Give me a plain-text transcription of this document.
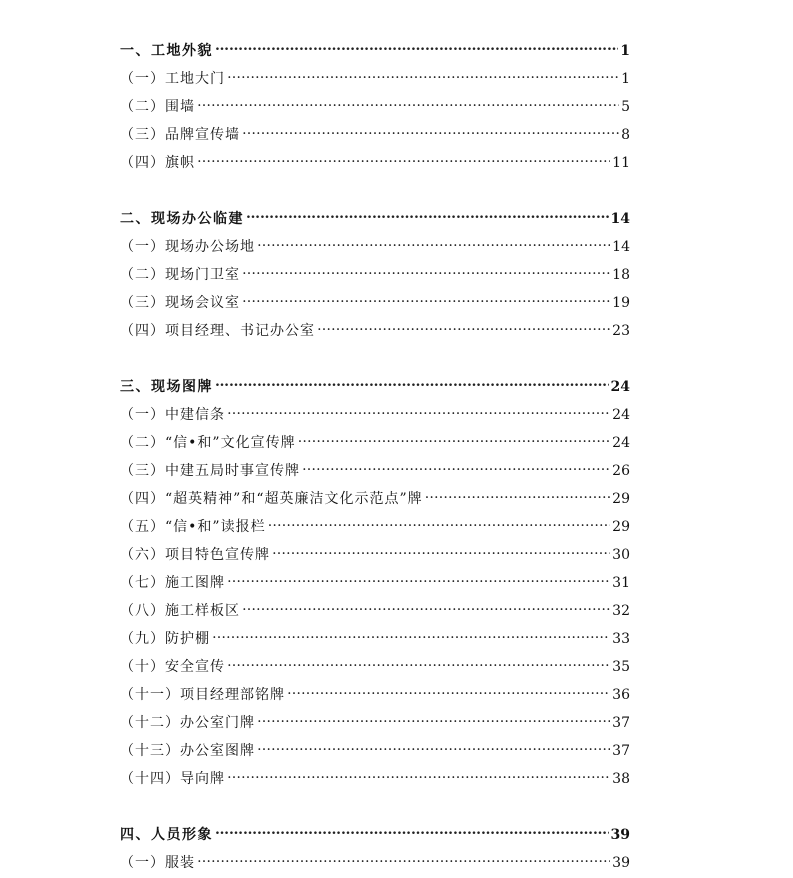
一、工地外貌 …………………………………………………………………………………………………………………………………………………………………………	1
（一）工地大门 …………………………………………………………………………………………………………………………………………………………………………	1
（二）围墙 …………………………………………………………………………………………………………………………………………………………………………	5
（三）品牌宣传墙 …………………………………………………………………………………………………………………………………………………………………………	8
（四）旗帜 …………………………………………………………………………………………………………………………………………………………………………	11
二、现场办公临建 …………………………………………………………………………………………………………………………………………………………………………	14
（一）现场办公场地 …………………………………………………………………………………………………………………………………………………………………………	14
（二）现场门卫室 …………………………………………………………………………………………………………………………………………………………………………	18
（三）现场会议室 …………………………………………………………………………………………………………………………………………………………………………	19
（四）项目经理、书记办公室 …………………………………………………………………………………………………………………………………………………………………………	23
三、现场图牌 …………………………………………………………………………………………………………………………………………………………………………	24
（一）中建信条 …………………………………………………………………………………………………………………………………………………………………………	24
（二）“信•和”文化宣传牌 …………………………………………………………………………………………………………………………………………………………………………	24
（三）中建五局时事宣传牌 …………………………………………………………………………………………………………………………………………………………………………	26
（四）“超英精神”和“超英廉洁文化示范点”牌 …………………………………………………………………………………………………………………………………………………………………………	29
（五）“信•和”读报栏 …………………………………………………………………………………………………………………………………………………………………………	29
（六）项目特色宣传牌 …………………………………………………………………………………………………………………………………………………………………………	30
（七）施工图牌 …………………………………………………………………………………………………………………………………………………………………………	31
（八）施工样板区 …………………………………………………………………………………………………………………………………………………………………………	32
（九）防护棚 …………………………………………………………………………………………………………………………………………………………………………	33
（十）安全宣传 …………………………………………………………………………………………………………………………………………………………………………	35
（十一）项目经理部铭牌 …………………………………………………………………………………………………………………………………………………………………………	36
（十二）办公室门牌 …………………………………………………………………………………………………………………………………………………………………………	37
（十三）办公室图牌 …………………………………………………………………………………………………………………………………………………………………………	37
（十四）导向牌 …………………………………………………………………………………………………………………………………………………………………………	38
四、人员形象 …………………………………………………………………………………………………………………………………………………………………………	39
（一）服装 …………………………………………………………………………………………………………………………………………………………………………	39
